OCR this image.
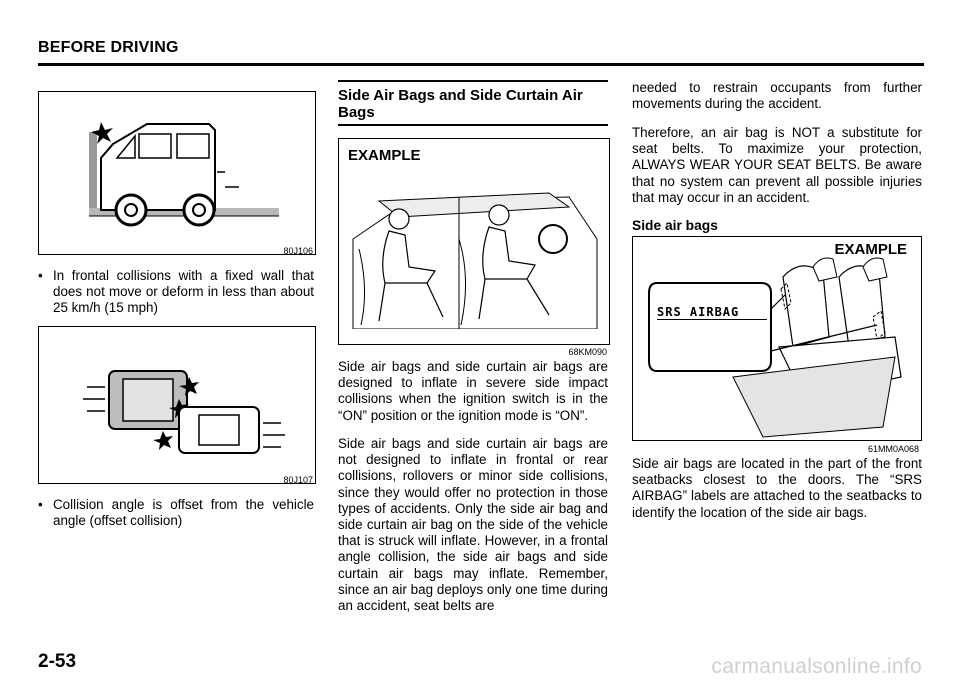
BEFORE DRIVING
80J106
• In frontal collisions with a fixed wall that does not move or deform in less than about 25 km/h (15 mph)
80J107
• Collision angle is offset from the vehicle angle (offset collision)
Side Air Bags and Side Curtain Air Bags
EXAMPLE
68KM090
Side air bags and side curtain air bags are designed to inflate in severe side impact collisions when the ignition switch is in the “ON” position or the ignition mode is “ON”.
Side air bags and side curtain air bags are not designed to inflate in frontal or rear collisions, rollovers or minor side collisions, since they would offer no protection in those types of accidents. Only the side air bag and side curtain air bag on the side of the vehicle that is struck will inflate. However, in a frontal angle collision, the side air bags and side curtain air bags may inflate. Remember, since an air bag deploys only one time during an accident, seat belts are
needed to restrain occupants from further movements during the accident.
Therefore, an air bag is NOT a substitute for seat belts. To maximize your protection, ALWAYS WEAR YOUR SEAT BELTS. Be aware that no system can prevent all possible injuries that may occur in an accident.
Side air bags
EXAMPLE
SRS AIRBAG
61MM0A068
Side air bags are located in the part of the front seatbacks closest to the doors. The “SRS AIRBAG” labels are attached to the seatbacks to identify the location of the side air bags.
2-53	carmanualsonline.info
